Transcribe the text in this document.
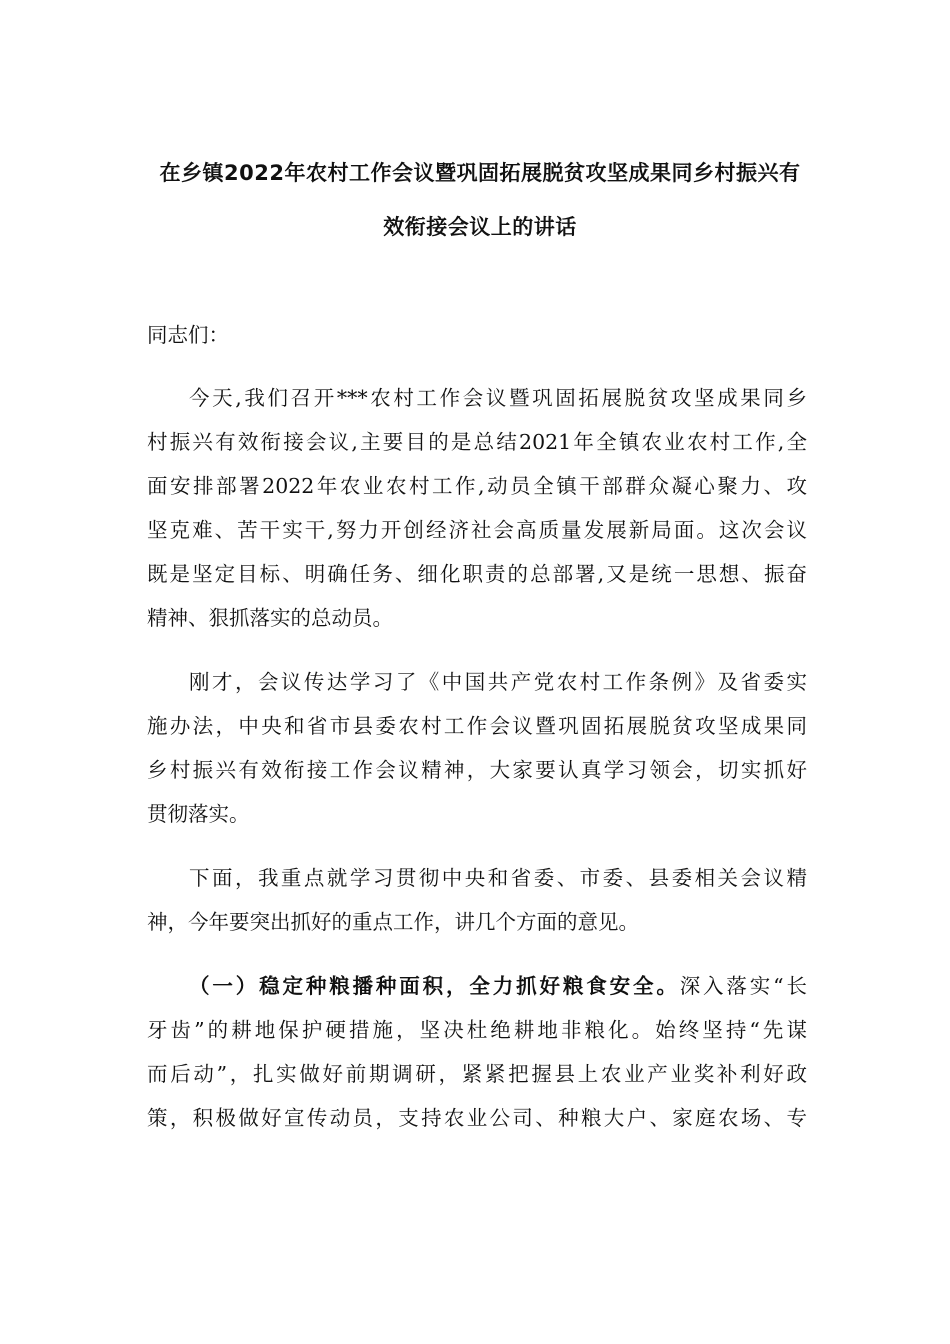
在乡镇2022年农村工作会议暨巩固拓展脱贫攻坚成果同乡村振兴有
效衔接会议上的讲话

同志们：

今天,我们召开***农村工作会议暨巩固拓展脱贫攻坚成果同乡
村振兴有效衔接会议,主要目的是总结2021年全镇农业农村工作,全
面安排部署2022年农业农村工作,动员全镇干部群众凝心聚力、攻
坚克难、苦干实干,努力开创经济社会高质量发展新局面。这次会议
既是坚定目标、明确任务、细化职责的总部署,又是统一思想、振奋
精神、狠抓落实的总动员。

刚才，会议传达学习了《中国共产党农村工作条例》及省委实
施办法，中央和省市县委农村工作会议暨巩固拓展脱贫攻坚成果同
乡村振兴有效衔接工作会议精神，大家要认真学习领会，切实抓好
贯彻落实。

下面，我重点就学习贯彻中央和省委、市委、县委相关会议精
神，今年要突出抓好的重点工作，讲几个方面的意见。

（一）稳定种粮播种面积，全力抓好粮食安全。深入落实“长
牙齿”的耕地保护硬措施，坚决杜绝耕地非粮化。始终坚持“先谋
而后动”，扎实做好前期调研，紧紧把握县上农业产业奖补利好政
策，积极做好宣传动员，支持农业公司、种粮大户、家庭农场、专
